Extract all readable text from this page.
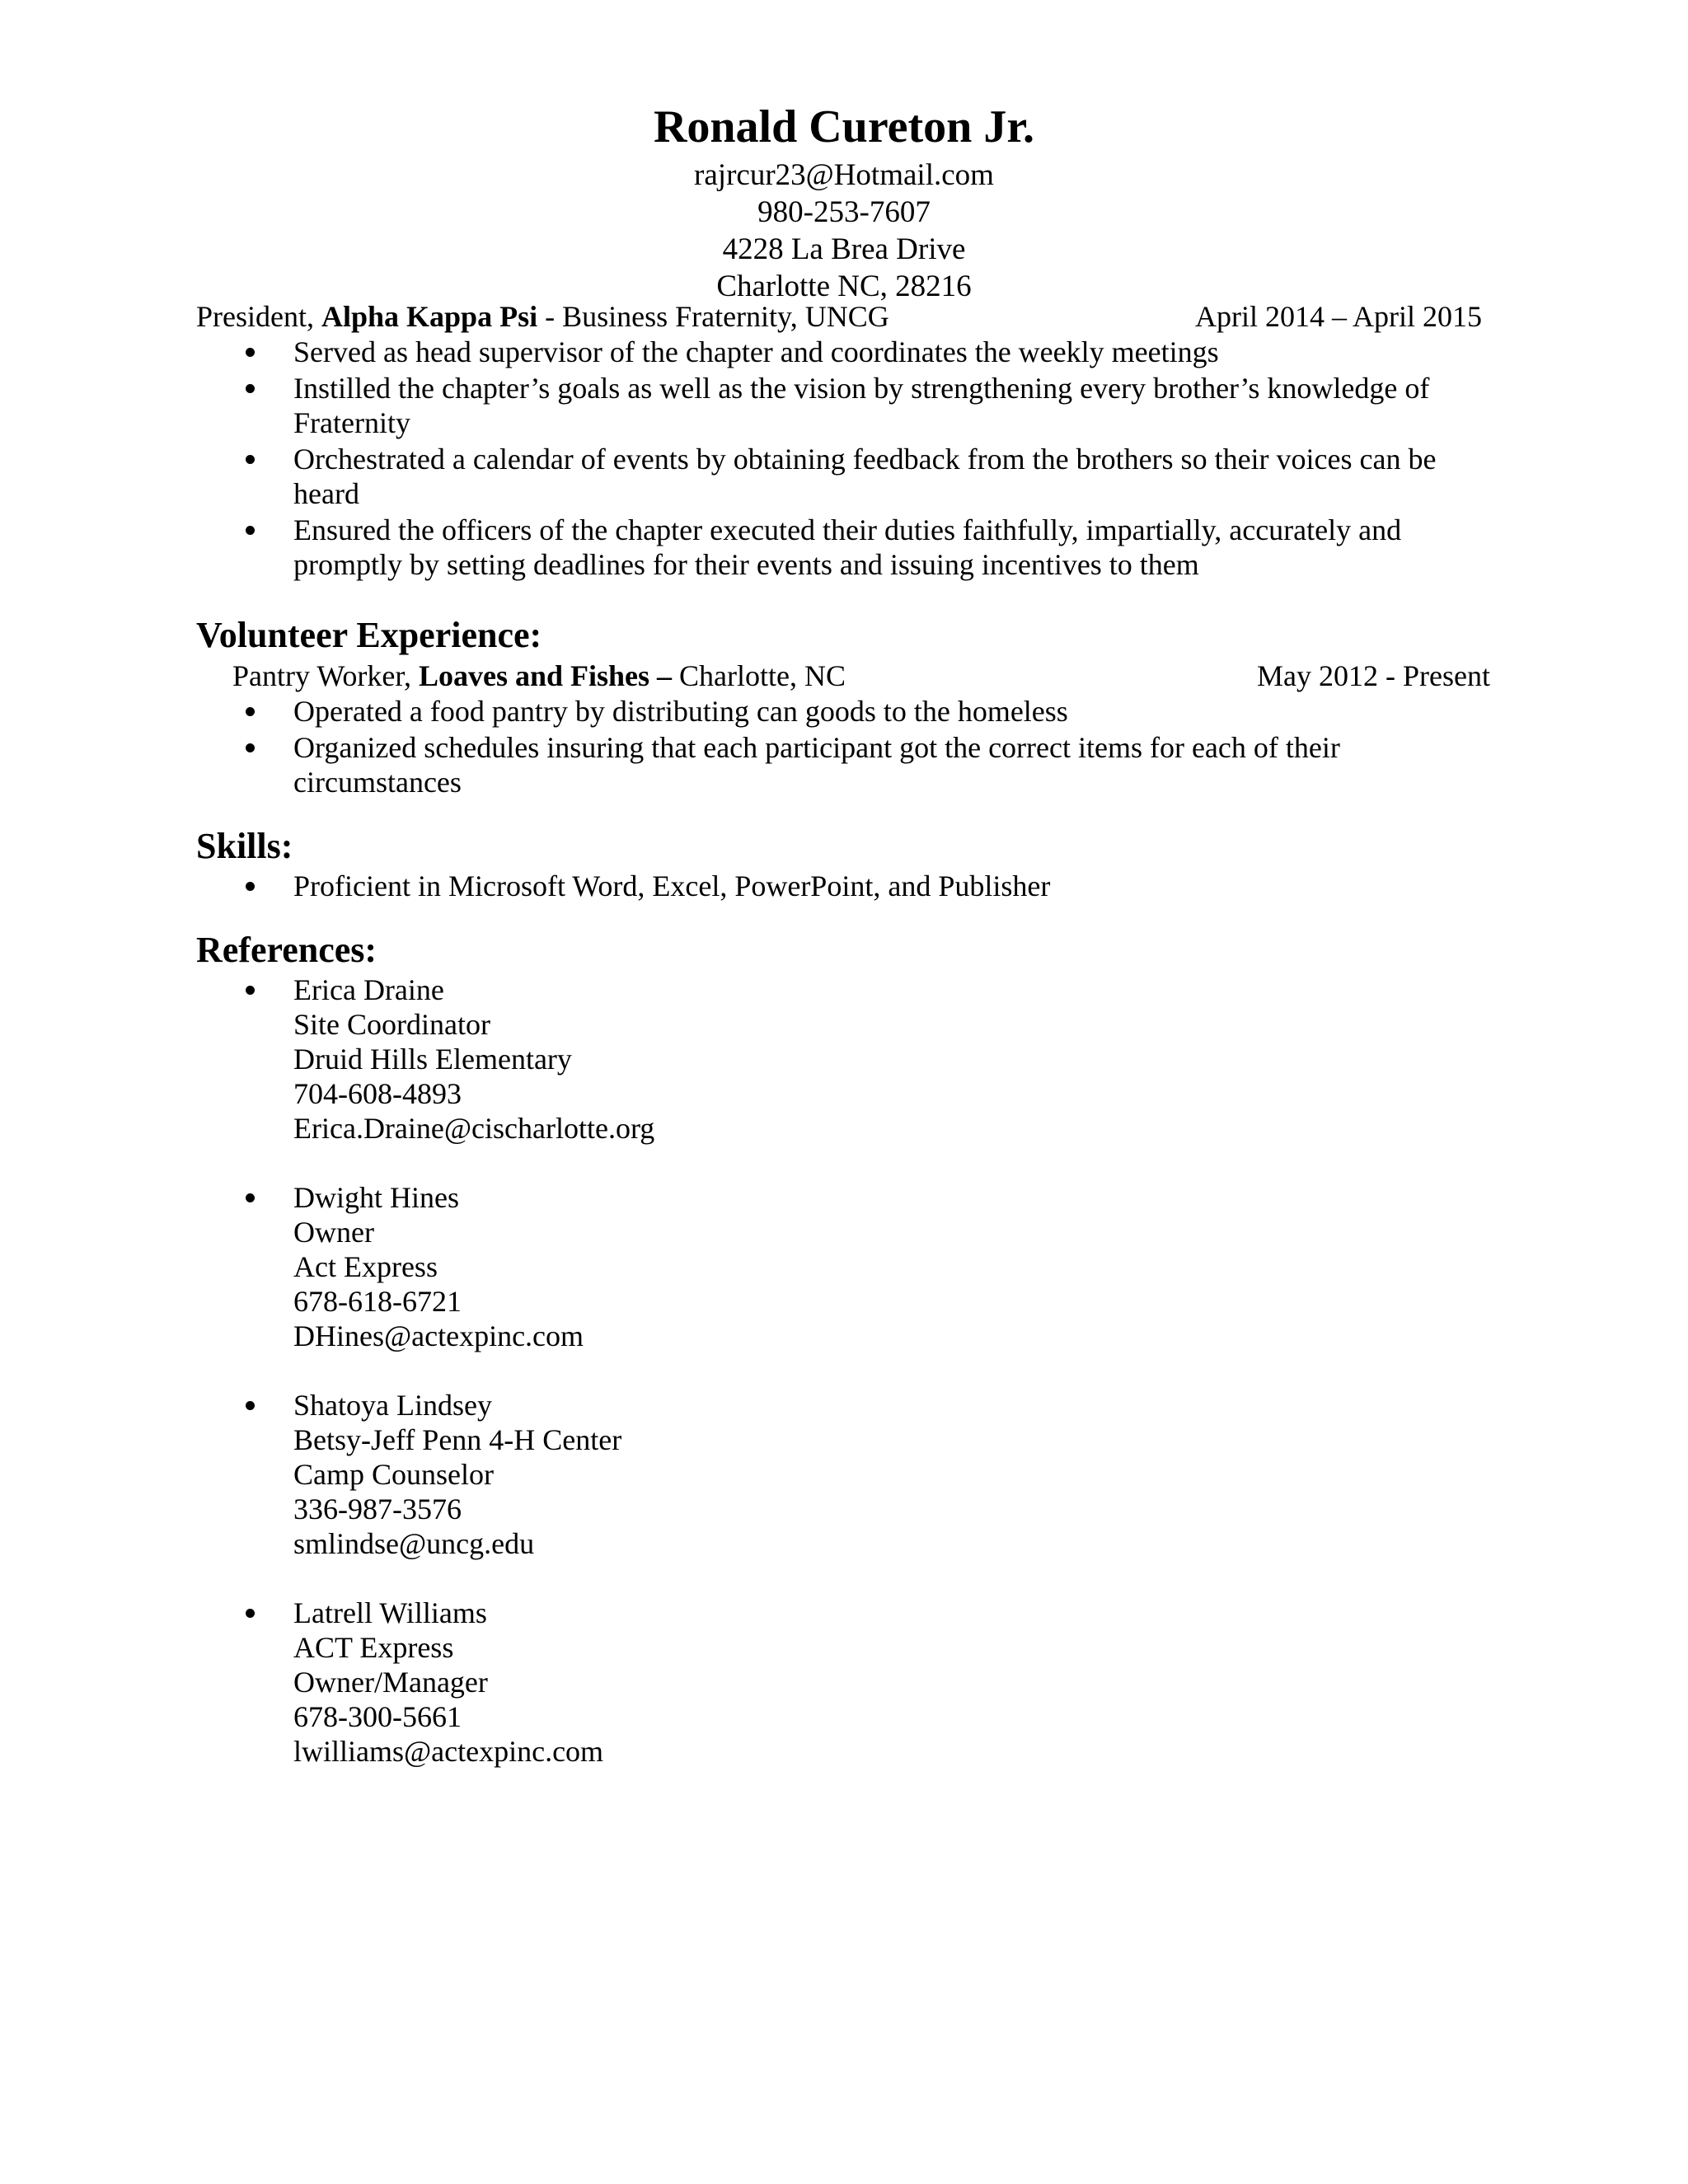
Ronald Cureton Jr.

rajrcur23@Hotmail.com

980-253-7607

4228 La Brea Drive

Charlotte NC, 28216

President, Alpha Kappa Psi - Business Fraternity, UNCG	April 2014 – April 2015
Served as head supervisor of the chapter and coordinates the weekly meetings
Instilled the chapter’s goals as well as the vision by strengthening every brother’s knowledge of Fraternity
Orchestrated a calendar of events by obtaining feedback from the brothers so their voices can be heard
Ensured the officers of the chapter executed their duties faithfully, impartially, accurately and promptly by setting deadlines for their events and issuing incentives to them

Volunteer Experience:

Pantry Worker, Loaves and Fishes – Charlotte, NC	May 2012 - Present
Operated a food pantry by distributing can goods to the homeless
Organized schedules insuring that each participant got the correct items for each of their circumstances

Skills:

Proficient in Microsoft Word, Excel, PowerPoint, and Publisher

References:

Erica Draine
Site Coordinator
Druid Hills Elementary
704-608-4893
Erica.Draine@cischarlotte.org
Dwight Hines
Owner
Act Express
678-618-6721
DHines@actexpinc.com
Shatoya Lindsey
Betsy-Jeff Penn 4-H Center
Camp Counselor
336-987-3576
smlindse@uncg.edu
Latrell Williams
ACT Express
Owner/Manager
678-300-5661
lwilliams@actexpinc.com
